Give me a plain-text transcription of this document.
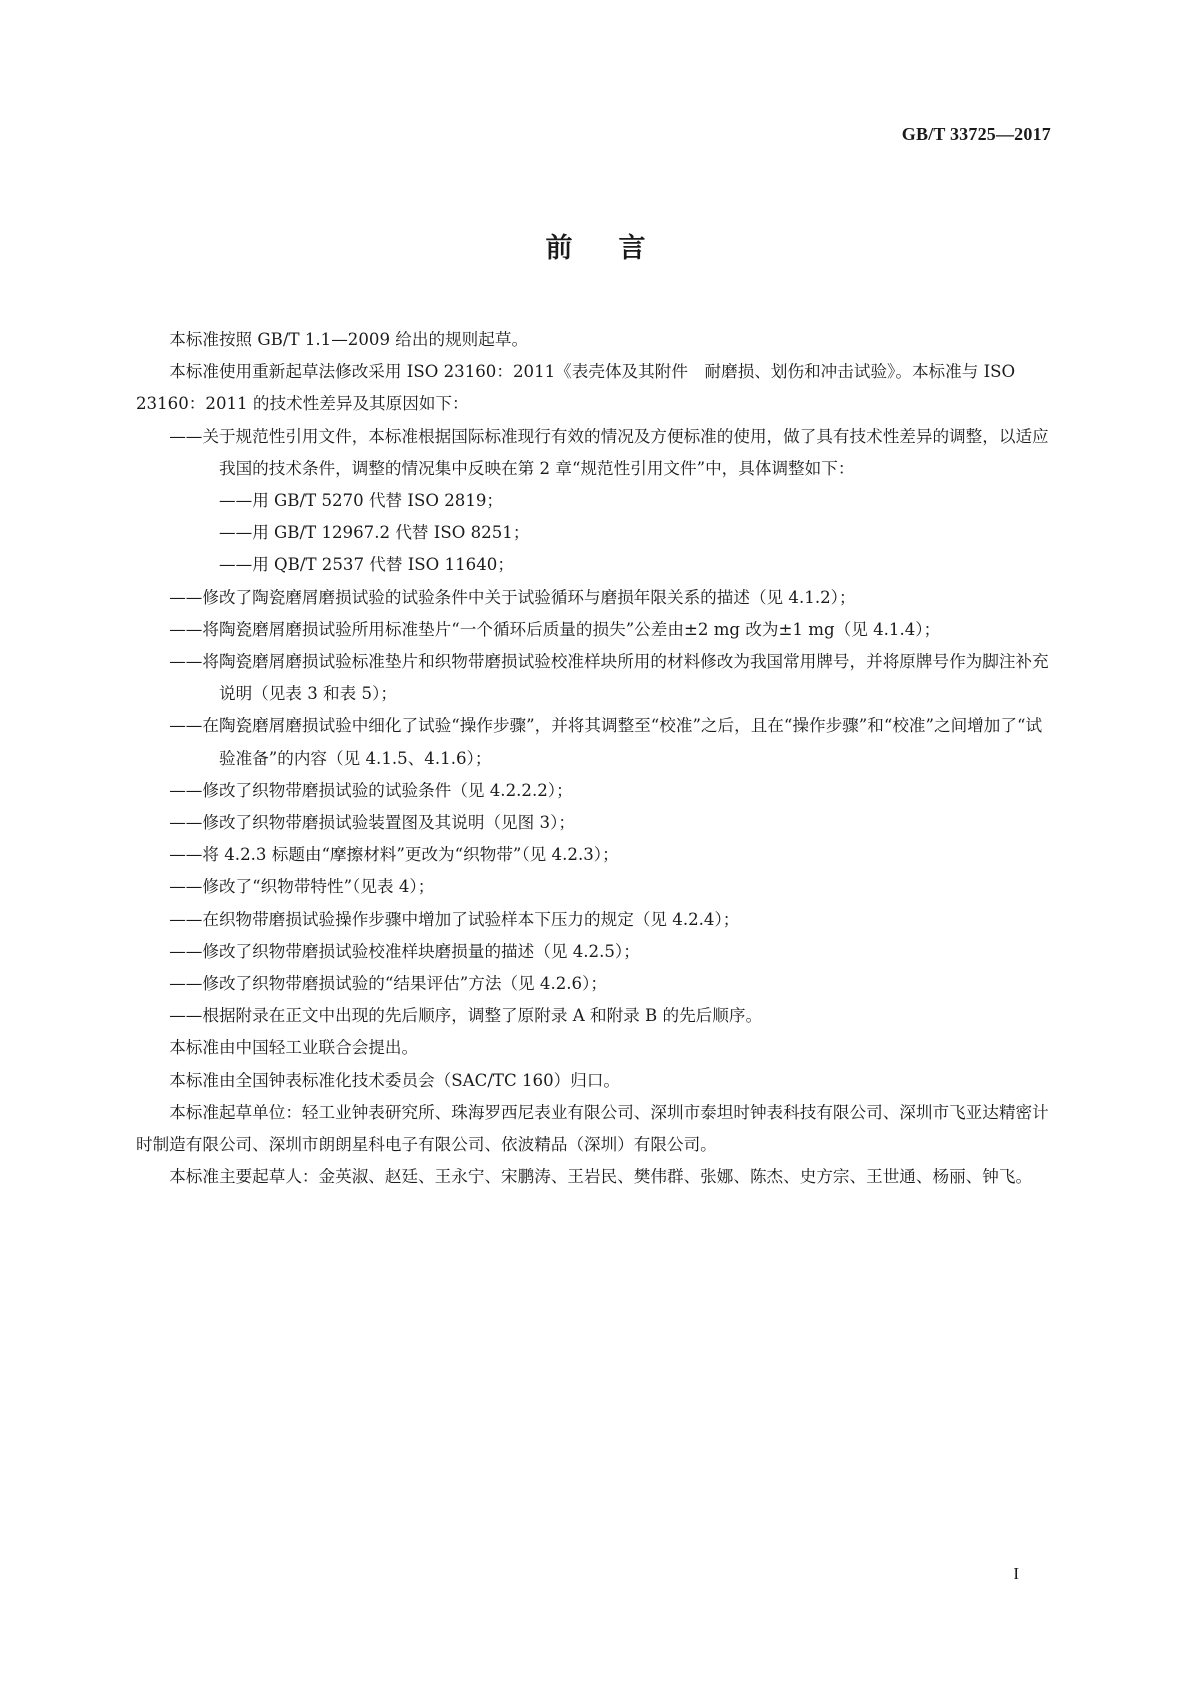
GB/T 33725—2017
前言

本标准按照 GB/T 1.1—2009 给出的规则起草。

本标准使用重新起草法修改采用 ISO 23160：2011《表壳体及其附件　耐磨损、划伤和冲击试验》。本标准与 ISO 23160：2011 的技术性差异及其原因如下：

——关于规范性引用文件，本标准根据国际标准现行有效的情况及方便标准的使用，做了具有技术性差异的调整，以适应我国的技术条件，调整的情况集中反映在第 2 章“规范性引用文件”中，具体调整如下：

——用 GB/T 5270 代替 ISO 2819；

——用 GB/T 12967.2 代替 ISO 8251；

——用 QB/T 2537 代替 ISO 11640；

——修改了陶瓷磨屑磨损试验的试验条件中关于试验循环与磨损年限关系的描述（见 4.1.2）；

——将陶瓷磨屑磨损试验所用标准垫片“一个循环后质量的损失”公差由±2 mg 改为±1 mg（见 4.1.4）；

——将陶瓷磨屑磨损试验标准垫片和织物带磨损试验校准样块所用的材料修改为我国常用牌号，并将原牌号作为脚注补充说明（见表 3 和表 5）；

——在陶瓷磨屑磨损试验中细化了试验“操作步骤”，并将其调整至“校准”之后，且在“操作步骤”和“校准”之间增加了“试验准备”的内容（见 4.1.5、4.1.6）；

——修改了织物带磨损试验的试验条件（见 4.2.2.2）；

——修改了织物带磨损试验装置图及其说明（见图 3）；

——将 4.2.3 标题由“摩擦材料”更改为“织物带”（见 4.2.3）；

——修改了“织物带特性”（见表 4）；

——在织物带磨损试验操作步骤中增加了试验样本下压力的规定（见 4.2.4）；

——修改了织物带磨损试验校准样块磨损量的描述（见 4.2.5）；

——修改了织物带磨损试验的“结果评估”方法（见 4.2.6）；

——根据附录在正文中出现的先后顺序，调整了原附录 A 和附录 B 的先后顺序。

本标准由中国轻工业联合会提出。

本标准由全国钟表标准化技术委员会（SAC/TC 160）归口。

本标准起草单位：轻工业钟表研究所、珠海罗西尼表业有限公司、深圳市泰坦时钟表科技有限公司、深圳市飞亚达精密计时制造有限公司、深圳市朗朗星科电子有限公司、依波精品（深圳）有限公司。

本标准主要起草人：金英淑、赵廷、王永宁、宋鹏涛、王岩民、樊伟群、张娜、陈杰、史方宗、王世通、杨丽、钟飞。

I
